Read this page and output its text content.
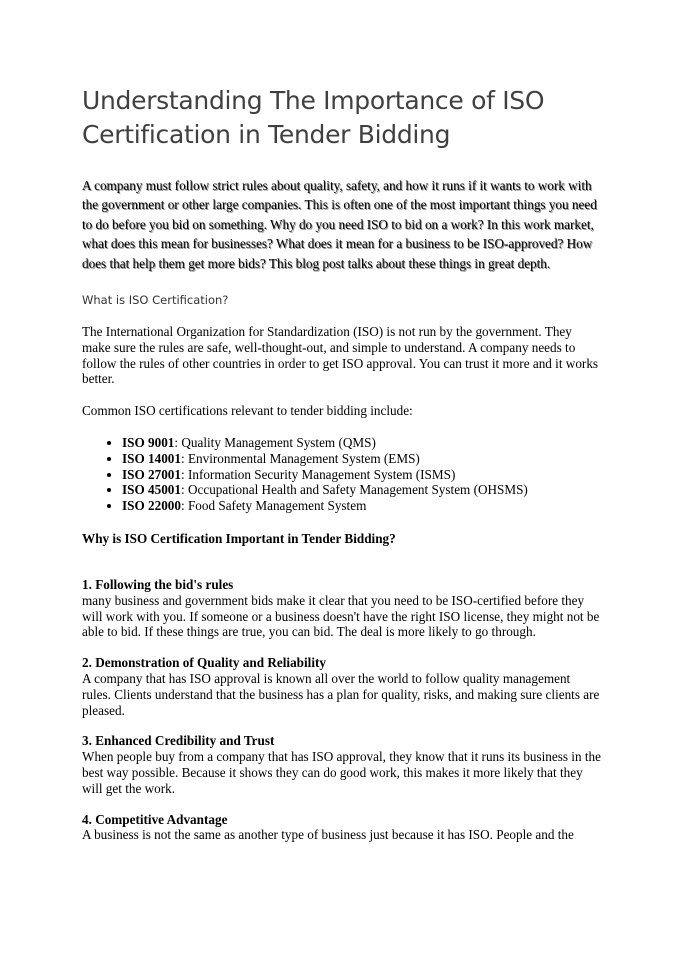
Understanding The Importance of ISO Certification in Tender Bidding

A company must follow strict rules about quality, safety, and how it runs if it wants to work with the government or other large companies. This is often one of the most important things you need to do before you bid on something. Why do you need ISO to bid on a work? In this work market, what does this mean for businesses? What does it mean for a business to be ISO-approved? How does that help them get more bids? This blog post talks about these things in great depth.

What is ISO Certification?

The International Organization for Standardization (ISO) is not run by the government. They make sure the rules are safe, well-thought-out, and simple to understand. A company needs to follow the rules of other countries in order to get ISO approval. You can trust it more and it works better.

Common ISO certifications relevant to tender bidding include:

• ISO 9001: Quality Management System (QMS)
• ISO 14001: Environmental Management System (EMS)
• ISO 27001: Information Security Management System (ISMS)
• ISO 45001: Occupational Health and Safety Management System (OHSMS)
• ISO 22000: Food Safety Management System
Why is ISO Certification Important in Tender Bidding?
1. Following the bid's rules

many business and government bids make it clear that you need to be ISO-certified before they will work with you. If someone or a business doesn't have the right ISO license, they might not be able to bid. If these things are true, you can bid. The deal is more likely to go through.

2. Demonstration of Quality and Reliability

A company that has ISO approval is known all over the world to follow quality management rules. Clients understand that the business has a plan for quality, risks, and making sure clients are pleased.

3. Enhanced Credibility and Trust

When people buy from a company that has ISO approval, they know that it runs its business in the best way possible. Because it shows they can do good work, this makes it more likely that they will get the work.

4. Competitive Advantage

A business is not the same as another type of business just because it has ISO. People and the
